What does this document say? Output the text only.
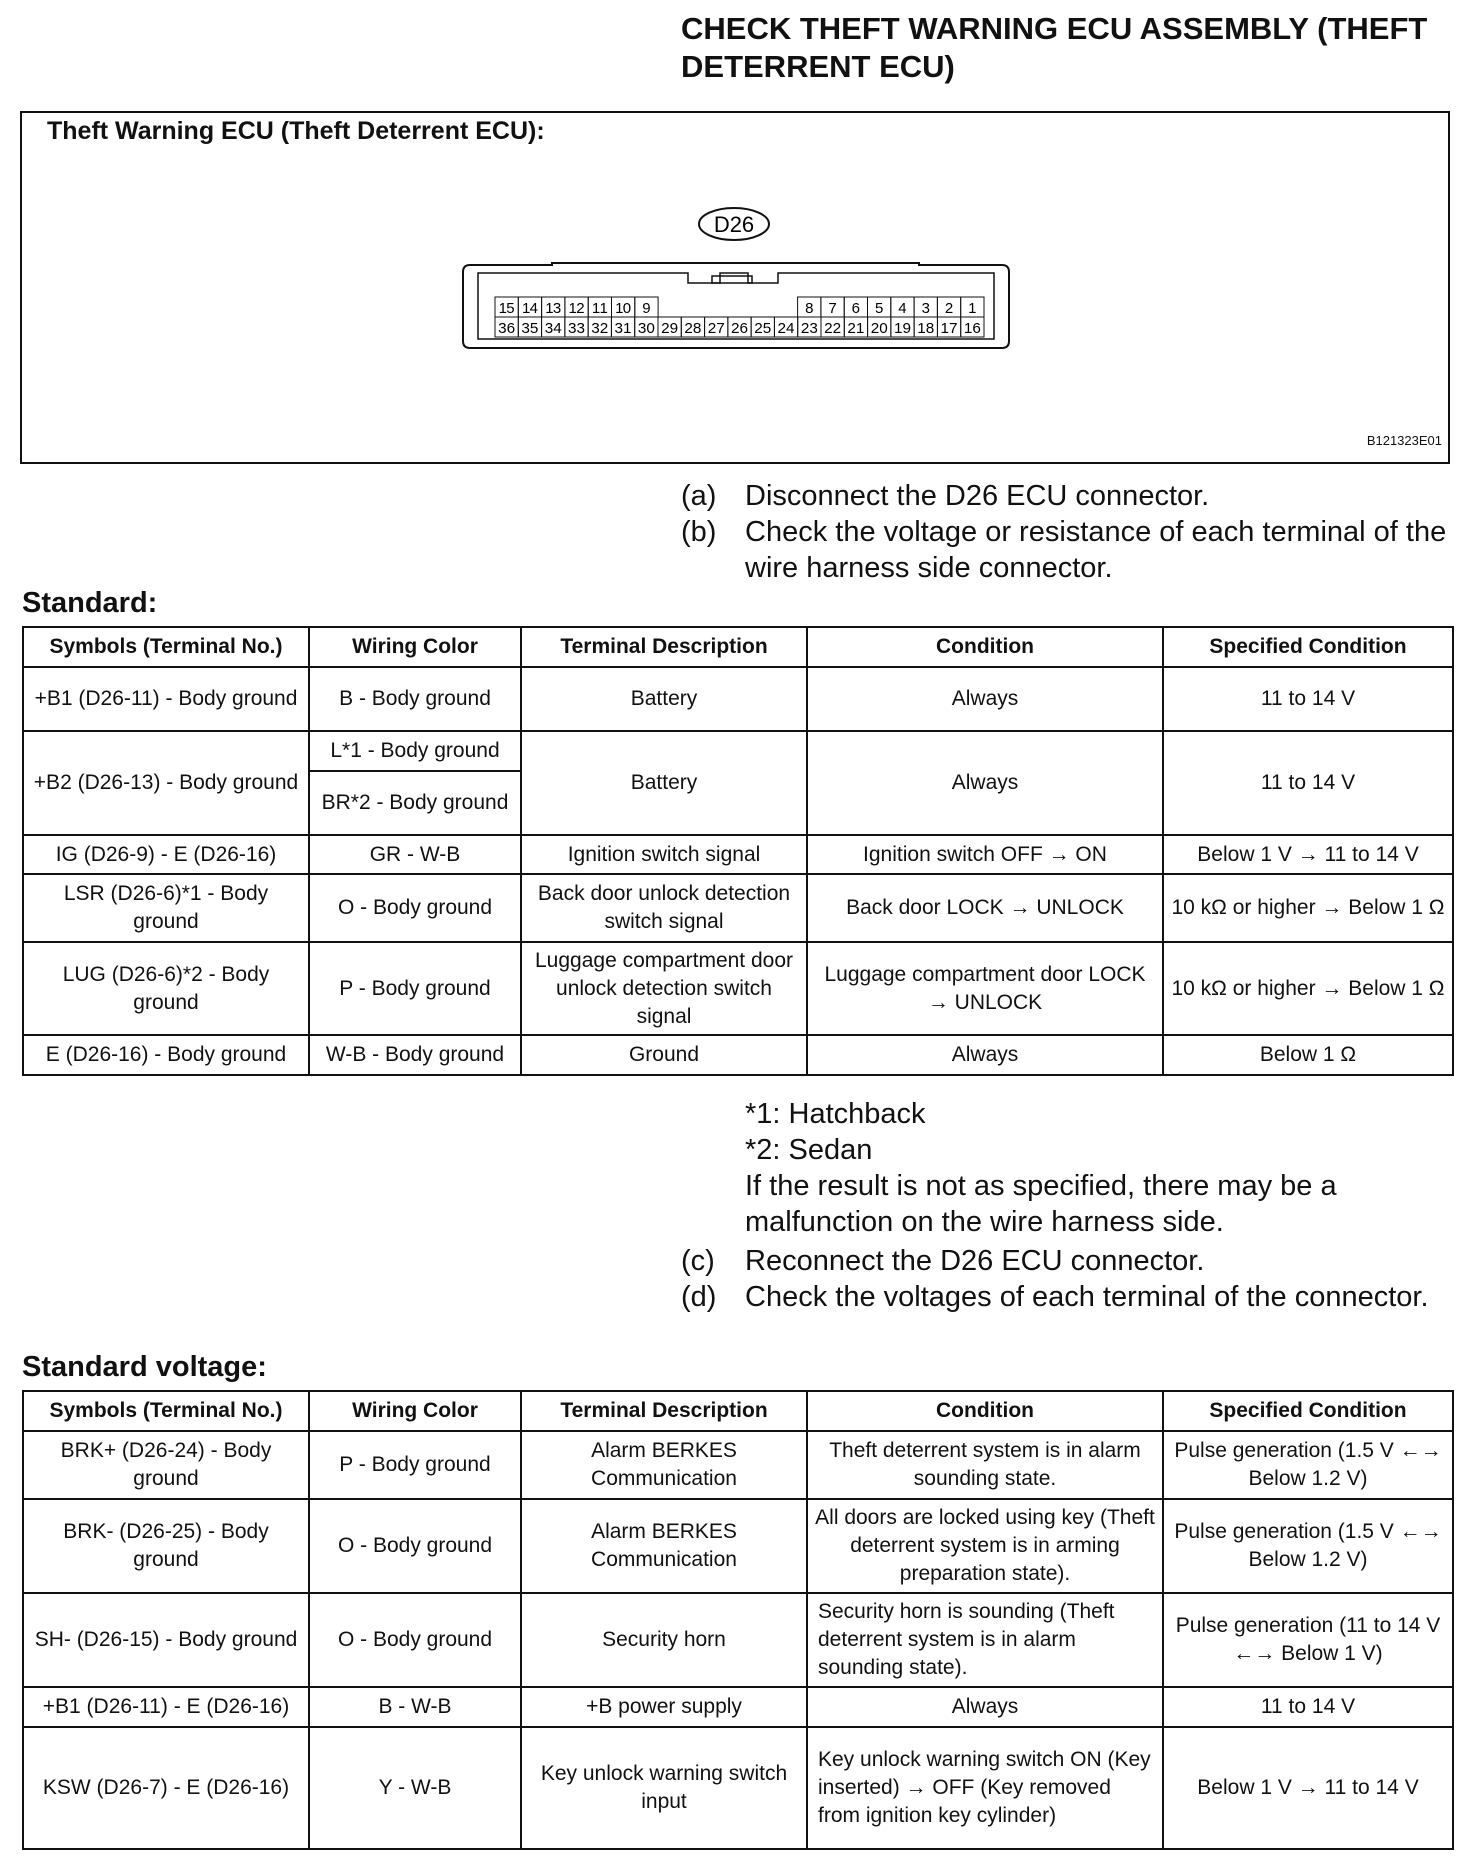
CHECK THEFT WARNING ECU ASSEMBLY (THEFT DETERRENT ECU)
Theft Warning ECU (Theft Deterrent ECU):
D26
15 14 13 12 11 10 9	8 7 6 5 4 3 2 1
36 35 34 33 32 31 30 29 28 27 26 25 24 23 22 21 20 19 18 17 16
B121323E01
(a) Disconnect the D26 ECU connector.
(b) Check the voltage or resistance of each terminal of the wire harness side connector.
Standard:
Symbols (Terminal No.)	Wiring Color	Terminal Description	Condition	Specified Condition
+B1 (D26-11) - Body ground	B - Body ground	Battery	Always	11 to 14 V
+B2 (D26-13) - Body ground	L*1 - Body ground	Battery	Always	11 to 14 V
	BR*2 - Body ground			
IG (D26-9) - E (D26-16)	GR - W-B	Ignition switch signal	Ignition switch OFF → ON	Below 1 V → 11 to 14 V
LSR (D26-6)*1 - Body ground	O - Body ground	Back door unlock detection switch signal	Back door LOCK → UNLOCK	10 kΩ or higher → Below 1 Ω
LUG (D26-6)*2 - Body ground	P - Body ground	Luggage compartment door unlock detection switch signal	Luggage compartment door LOCK → UNLOCK	10 kΩ or higher → Below 1 Ω
E (D26-16) - Body ground	W-B - Body ground	Ground	Always	Below 1 Ω
*1: Hatchback
*2: Sedan
If the result is not as specified, there may be a malfunction on the wire harness side.
(c)	Reconnect the D26 ECU connector.
(d) Check the voltages of each terminal of the connector.
Standard voltage:
Symbols (Terminal No.)	Wiring Color	Terminal Description	Condition	Specified Condition
BRK+ (D26-24) - Body ground	P - Body ground	Alarm BERKES Communication	Theft deterrent system is in alarm sounding state.	Pulse generation (1.5 V ←→ Below 1.2 V)
BRK- (D26-25) - Body ground	O - Body ground	Alarm BERKES Communication	All doors are locked using key (Theft deterrent system is in arming preparation state).	Pulse generation (1.5 V ←→ Below 1.2 V)
SH- (D26-15) - Body ground	O - Body ground	Security horn	Security horn is sounding (Theft deterrent system is in alarm sounding state).	Pulse generation (11 to 14 V ←→ Below 1 V)
+B1 (D26-11) - E (D26-16)	B - W-B	+B power supply	Always	11 to 14 V
KSW (D26-7) - E (D26-16)	Y - W-B	Key unlock warning switch input	Key unlock warning switch ON (Key inserted) → OFF (Key removed from ignition key cylinder)	Below 1 V → 11 to 14 V
